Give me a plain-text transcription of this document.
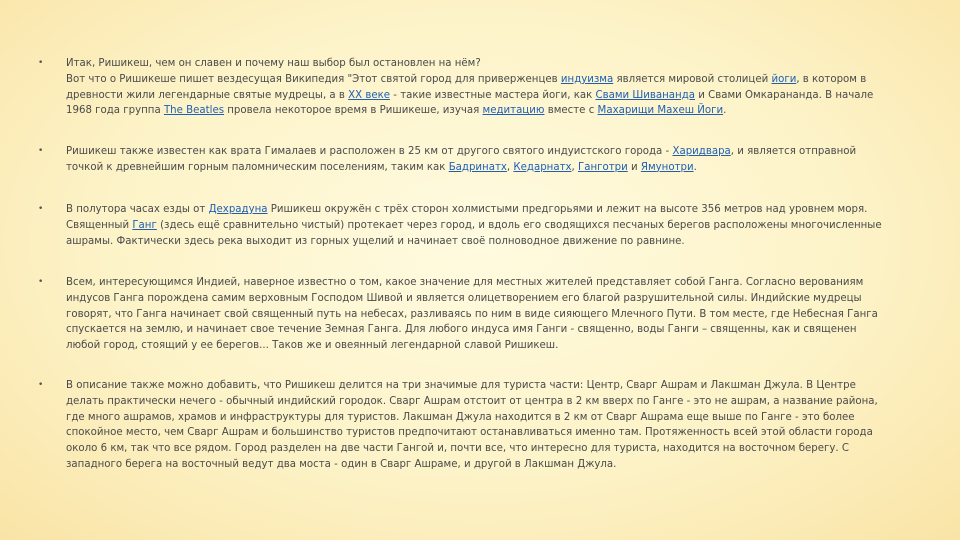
• Итак, Ришикеш, чем он славен и почему наш выбор был остановлен на нём?
Вот что о Ришикеше пишет вездесущая Википедия "Этот святой город для приверженцев индуизма является мировой столицей йоги, в котором в древности жили легендарные святые мудрецы, а в XX веке - такие известные мастера йоги, как Свами Шивананда и Свами Омкарананда. В начале 1968 года группа The Beatles провела некоторое время в Ришикеше, изучая медитацию вместе с Махарищи Махеш Йоги.
• Ришикеш также известен как врата Гималаев и расположен в 25 км от другого святого индуистского города - Харидвара, и является отправной точкой к древнейшим горным паломническим поселениям, таким как Бадринатх, Кедарнатх, Ганготри и Ямунотри.
• В полутора часах езды от Дехрадуна Ришикеш окружён с трёх сторон холмистыми предгорьями и лежит на высоте 356 метров над уровнем моря. Священный Ганг (здесь ещё сравнительно чистый) протекает через город, и вдоль его сводящихся песчаных берегов расположены многочисленные ашрамы. Фактически здесь река выходит из горных ущелий и начинает своё полноводное движение по равнине.
• Всем, интересующимся Индией, наверное известно о том, какое значение для местных жителей представляет собой Ганга. Согласно верованиям индусов Ганга порождена самим верховным Господом Шивой и является олицетворением его благой разрушительной силы. Индийские мудрецы говорят, что Ганга начинает свой священный путь на небесах, разливаясь по ним в виде сияющего Млечного Пути. В том месте, где Небесная Ганга спускается на землю, и начинает свое течение Земная Ганга. Для любого индуса имя Ганги - священно, воды Ганги – священны, как и священен любой город, стоящий у ее берегов... Таков же и овеянный легендарной славой Ришикеш.
• В описание также можно добавить, что Ришикеш делится на три значимые для туриста части: Центр, Сварг Ашрам и Лакшман Джула. В Центре делать практически нечего - обычный индийский городок. Сварг Ашрам отстоит от центра в 2 км вверх по Ганге - это не ашрам, а название района, где много ашрамов, храмов и инфраструктуры для туристов. Лакшман Джула находится в 2 км от Сварг Ашрама еще выше по Ганге - это более спокойное место, чем Сварг Ашрам и большинство туристов предпочитают останавливаться именно там. Протяженность всей этой области города около 6 км, так что все рядом. Город разделен на две части Гангой и, почти все, что интересно для туриста, находится на восточном берегу. С западного берега на восточный ведут два моста - один в Сварг Ашраме, и другой в Лакшман Джула.
